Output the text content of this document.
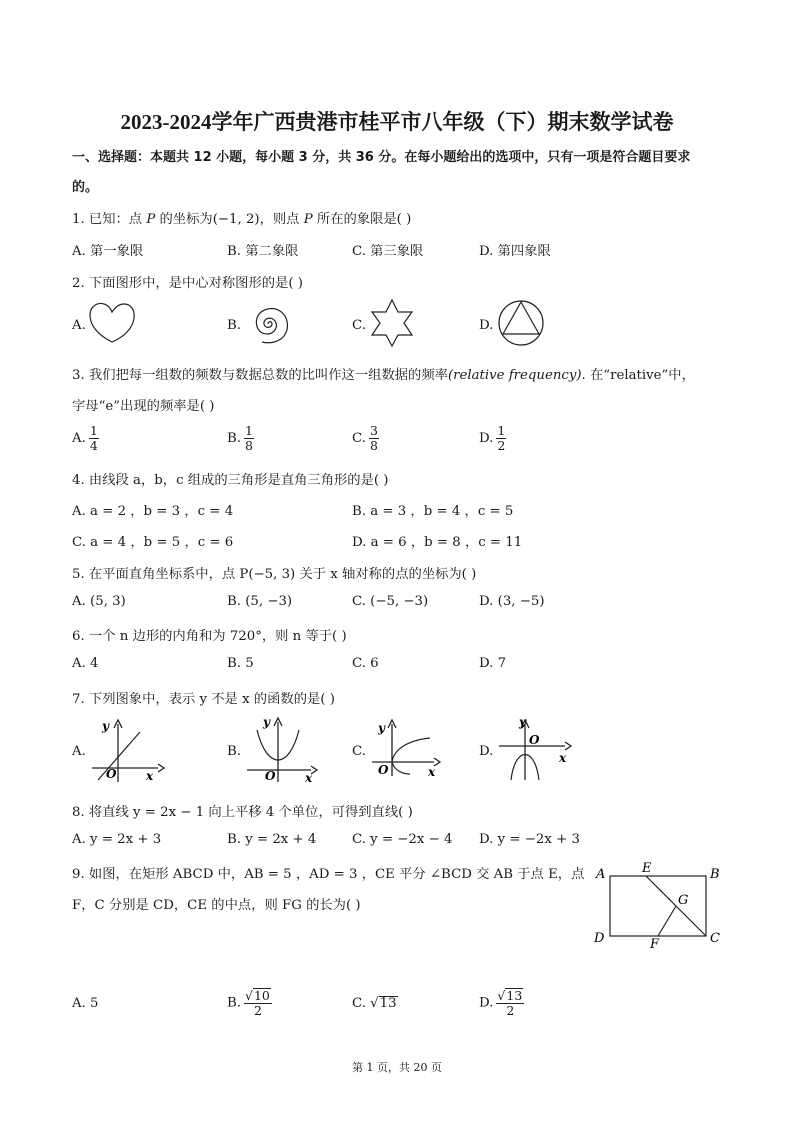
2023-2024学年广西贵港市桂平市八年级（下）期末数学试卷
一、选择题：本题共 12 小题，每小题 3 分，共 36 分。在每小题给出的选项中，只有一项是符合题目要求
的。
1. 已知：点 P 的坐标为(−1, 2)，则点 P 所在的象限是( )
A. 第一象限	B. 第二象限	C. 第三象限	D. 第四象限
2. 下面图形中，是中心对称图形的是( )
A.	B.	C.	D.
3. 我们把每一组数的频数与数据总数的比叫作这一组数据的频率(relative frequency). 在“relative”中，
字母“e”出现的频率是( )
A. $\frac{1}{4}$	B. $\frac{1}{8}$	C. $\frac{3}{8}$	D. $\frac{1}{2}$
4. 由线段 a，b，c 组成的三角形是直角三角形的是( )
A. a = 2 ，b = 3 ，c = 4	B. a = 3 ，b = 4 ，c = 5
C. a = 4 ，b = 5 ，c = 6	D. a = 6 ，b = 8 ，c = 11
5. 在平面直角坐标系中，点 P(−5, 3) 关于 x 轴对称的点的坐标为( )
A. (5, 3)	B. (5, −3)	C. (−5, −3)	D. (3, −5)
6. 一个 n 边形的内角和为 720°，则 n 等于( )
A. 4	B. 5	C. 6	D. 7
7. 下列图象中，表示 y 不是 x 的函数的是( )
A.
y
O x
B.
y
O x
C.
y
O	x
D.
y
O
x
8. 将直线 y = 2x − 1 向上平移 4 个单位，可得到直线( )
A. y = 2x + 3	B. y = 2x + 4	C. y = −2x − 4 D. y = −2x + 3
9. 如图，在矩形 ABCD 中，AB = 5 ，AD = 3 ，CE 平分 ∠BCD 交 AB 于点 E，点
F，C 分别是 CD，CE 的中点，则 FG 的长为( )
A	B
C
D
E
F
G
A. 5	B. $\frac{√10}{2}$	C. √13	D. $\frac{√13}{2}$
第 1 页，共 20 页
